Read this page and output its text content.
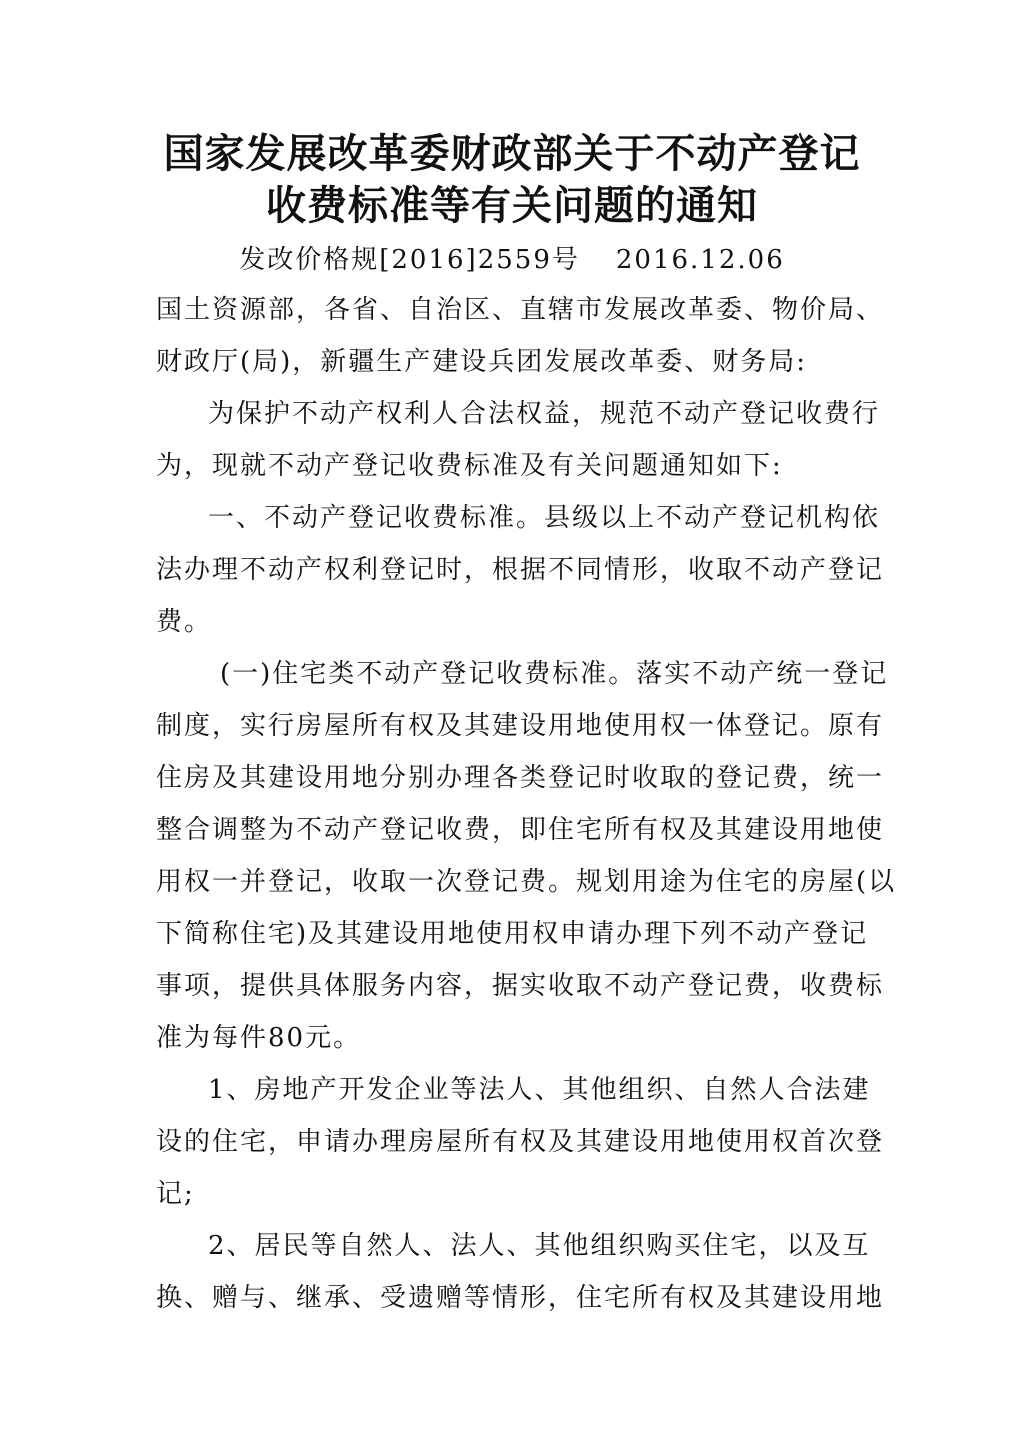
国家发展改革委财政部关于不动产登记
收费标准等有关问题的通知
发改价格规[2016]2559号 2016.12.06
国土资源部，各省、自治区、直辖市发展改革委、物价局、
财政厅(局)，新疆生产建设兵团发展改革委、财务局:
为保护不动产权利人合法权益，规范不动产登记收费行
为，现就不动产登记收费标准及有关问题通知如下:
一、不动产登记收费标准。县级以上不动产登记机构依
法办理不动产权利登记时，根据不同情形，收取不动产登记
费。
(一)住宅类不动产登记收费标准。落实不动产统一登记
制度，实行房屋所有权及其建设用地使用权一体登记。原有
住房及其建设用地分别办理各类登记时收取的登记费，统一
整合调整为不动产登记收费，即住宅所有权及其建设用地使
用权一并登记，收取一次登记费。规划用途为住宅的房屋(以
下简称住宅)及其建设用地使用权申请办理下列不动产登记
事项，提供具体服务内容，据实收取不动产登记费，收费标
准为每件80元。
1、房地产开发企业等法人、其他组织、自然人合法建
设的住宅，申请办理房屋所有权及其建设用地使用权首次登
记;
2、居民等自然人、法人、其他组织购买住宅，以及互
换、赠与、继承、受遗赠等情形，住宅所有权及其建设用地
